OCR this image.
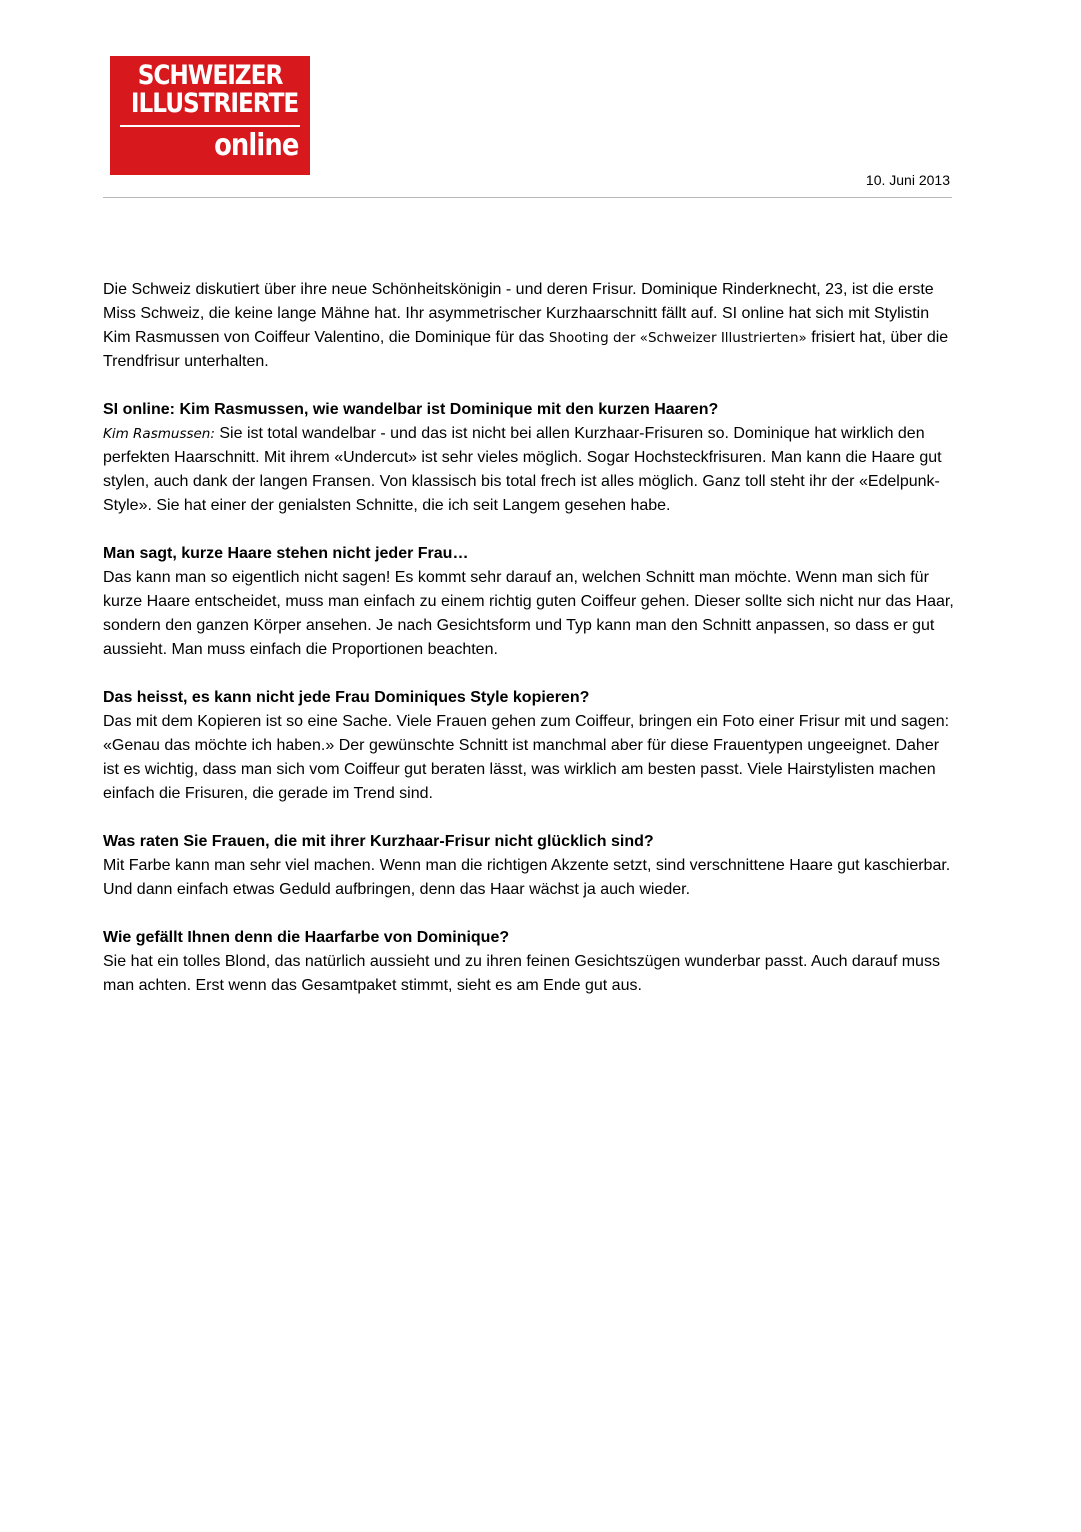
SCHWEIZER
ILLUSTRIERTE
online
10. Juni 2013

Die Schweiz diskutiert über ihre neue Schönheitskönigin - und deren Frisur. Dominique Rinderknecht, 23, ist die erste Miss Schweiz, die keine lange Mähne hat. Ihr asymmetrischer Kurzhaarschnitt fällt auf. SI online hat sich mit Stylistin Kim Rasmussen von Coiffeur Valentino, die Dominique für das Shooting der «Schweizer Illustrierten» frisiert hat, über die Trendfrisur unterhalten.

SI online: Kim Rasmussen, wie wandelbar ist Dominique mit den kurzen Haaren?
Kim Rasmussen: Sie ist total wandelbar - und das ist nicht bei allen Kurzhaar-Frisuren so. Dominique hat wirklich den perfekten Haarschnitt. Mit ihrem «Undercut» ist sehr vieles möglich. Sogar Hochsteckfrisuren. Man kann die Haare gut stylen, auch dank der langen Fransen. Von klassisch bis total frech ist alles möglich. Ganz toll steht ihr der «Edelpunk-Style». Sie hat einer der genialsten Schnitte, die ich seit Langem gesehen habe.

Man sagt, kurze Haare stehen nicht jeder Frau…
Das kann man so eigentlich nicht sagen! Es kommt sehr darauf an, welchen Schnitt man möchte. Wenn man sich für kurze Haare entscheidet, muss man einfach zu einem richtig guten Coiffeur gehen. Dieser sollte sich nicht nur das Haar, sondern den ganzen Körper ansehen. Je nach Gesichtsform und Typ kann man den Schnitt anpassen, so dass er gut aussieht. Man muss einfach die Proportionen beachten.

Das heisst, es kann nicht jede Frau Dominiques Style kopieren?
Das mit dem Kopieren ist so eine Sache. Viele Frauen gehen zum Coiffeur, bringen ein Foto einer Frisur mit und sagen: «Genau das möchte ich haben.» Der gewünschte Schnitt ist manchmal aber für diese Frauentypen ungeeignet. Daher ist es wichtig, dass man sich vom Coiffeur gut beraten lässt, was wirklich am besten passt. Viele Hairstylisten machen einfach die Frisuren, die gerade im Trend sind.

Was raten Sie Frauen, die mit ihrer Kurzhaar-Frisur nicht glücklich sind?
Mit Farbe kann man sehr viel machen. Wenn man die richtigen Akzente setzt, sind verschnittene Haare gut kaschierbar. Und dann einfach etwas Geduld aufbringen, denn das Haar wächst ja auch wieder.

Wie gefällt Ihnen denn die Haarfarbe von Dominique?
Sie hat ein tolles Blond, das natürlich aussieht und zu ihren feinen Gesichtszügen wunderbar passt. Auch darauf muss man achten. Erst wenn das Gesamtpaket stimmt, sieht es am Ende gut aus.
